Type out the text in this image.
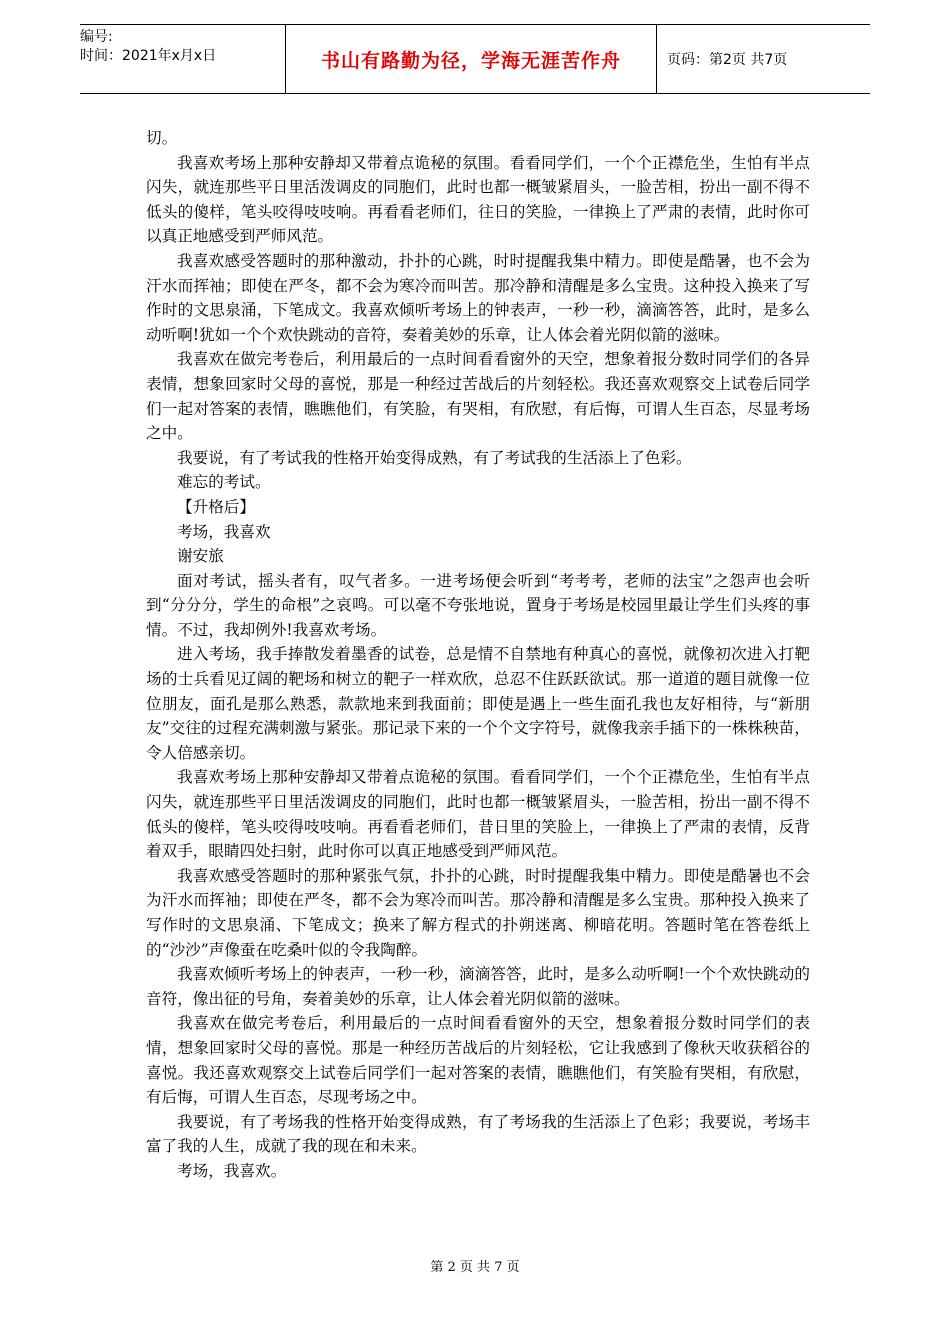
编号:
时间：2021年x月x日	书山有路勤为径，学海无涯苦作舟	页码：第2页 共7页

切。

我喜欢考场上那种安静却又带着点诡秘的氛围。看看同学们，一个个正襟危坐，生怕有半点闪失，就连那些平日里活泼调皮的同胞们，此时也都一概皱紧眉头，一脸苦相，扮出一副不得不低头的傻样，笔头咬得吱吱响。再看看老师们，往日的笑脸，一律换上了严肃的表情，此时你可以真正地感受到严师风范。

我喜欢感受答题时的那种激动，扑扑的心跳，时时提醒我集中精力。即使是酷暑，也不会为汗水而挥袖；即使在严冬，都不会为寒冷而叫苦。那冷静和清醒是多么宝贵。这种投入换来了写作时的文思泉涌，下笔成文。我喜欢倾听考场上的钟表声，一秒一秒，滴滴答答，此时，是多么动听啊!犹如一个个欢快跳动的音符，奏着美妙的乐章，让人体会着光阴似箭的滋味。

我喜欢在做完考卷后，利用最后的一点时间看看窗外的天空，想象着报分数时同学们的各异表情，想象回家时父母的喜悦，那是一种经过苦战后的片刻轻松。我还喜欢观察交上试卷后同学们一起对答案的表情，瞧瞧他们，有笑脸，有哭相，有欣慰，有后悔，可谓人生百态，尽显考场之中。

我要说，有了考试我的性格开始变得成熟，有了考试我的生活添上了色彩。

难忘的考试。

【升格后】

考场，我喜欢

谢安旅

面对考试，摇头者有，叹气者多。一进考场便会听到“考考考，老师的法宝”之怨声也会听到“分分分，学生的命根”之哀鸣。可以毫不夸张地说，置身于考场是校园里最让学生们头疼的事情。不过，我却例外!我喜欢考场。

进入考场，我手捧散发着墨香的试卷，总是情不自禁地有种真心的喜悦，就像初次进入打靶场的士兵看见辽阔的靶场和树立的靶子一样欢欣，总忍不住跃跃欲试。那一道道的题目就像一位位朋友，面孔是那么熟悉，款款地来到我面前；即使是遇上一些生面孔我也友好相待，与“新朋友”交往的过程充满刺激与紧张。那记录下来的一个个文字符号，就像我亲手插下的一株株秧苗，令人倍感亲切。

我喜欢考场上那种安静却又带着点诡秘的氛围。看看同学们，一个个正襟危坐，生怕有半点闪失，就连那些平日里活泼调皮的同胞们，此时也都一概皱紧眉头，一脸苦相，扮出一副不得不低头的傻样，笔头咬得吱吱响。再看看老师们，昔日里的笑脸上，一律换上了严肃的表情，反背着双手，眼睛四处扫射，此时你可以真正地感受到严师风范。

我喜欢感受答题时的那种紧张气氛，扑扑的心跳，时时提醒我集中精力。即使是酷暑也不会为汗水而挥袖；即使在严冬，都不会为寒冷而叫苦。那冷静和清醒是多么宝贵。那种投入换来了写作时的文思泉涌、下笔成文；换来了解方程式的扑朔迷离、柳暗花明。答题时笔在答卷纸上的“沙沙”声像蚕在吃桑叶似的令我陶醉。

我喜欢倾听考场上的钟表声，一秒一秒，滴滴答答，此时，是多么动听啊!一个个欢快跳动的音符，像出征的号角，奏着美妙的乐章，让人体会着光阴似箭的滋味。

我喜欢在做完考卷后，利用最后的一点时间看看窗外的天空，想象着报分数时同学们的表情，想象回家时父母的喜悦。那是一种经历苦战后的片刻轻松，它让我感到了像秋天收获稻谷的喜悦。我还喜欢观察交上试卷后同学们一起对答案的表情，瞧瞧他们，有笑脸有哭相，有欣慰，有后悔，可谓人生百态，尽现考场之中。

我要说，有了考场我的性格开始变得成熟，有了考场我的生活添上了色彩；我要说，考场丰富了我的人生，成就了我的现在和未来。

考场，我喜欢。

第 2 页 共 7 页
